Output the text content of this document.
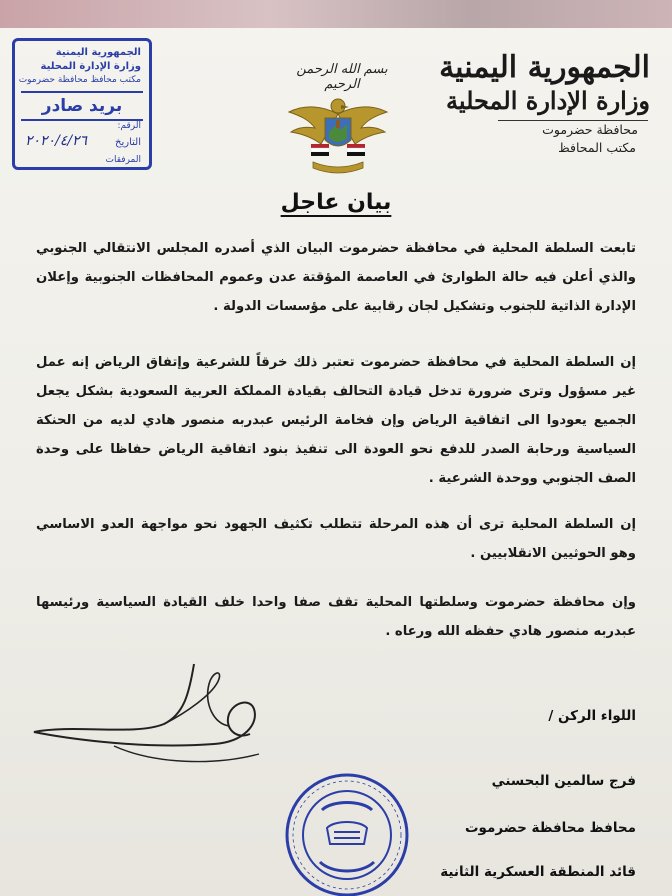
الجمهورية اليمنية
وزارة الإدارة المحلية
محافظة حضرموت
مكتب المحافظ
بسم الله الرحمن الرحيم
الجمهورية اليمنية
وزارة الإدارة المحلية
مكتب محافظ محافظة حضرموت
بريد صادر
الرقم:
التاريخ
٢٠٢٠/٤/٢٦
المرفقات
بيان عاجل
تابعت السلطة المحلية في محافظة حضرموت البيان الذي أصدره المجلس الانتقالي الجنوبي والذي أعلن فيه حالة الطوارئ في العاصمة المؤقتة عدن وعموم المحافظات الجنوبية وإعلان الإدارة الذاتية للجنوب وتشكيل لجان رقابية على مؤسسات الدولة .
إن السلطة المحلية في محافظة حضرموت تعتبر ذلك خرقاً للشرعية وإتفاق الرياض إنه عمل غير مسؤول وترى ضرورة تدخل قيادة التحالف بقيادة المملكة العربية السعودية بشكل يجعل الجميع يعودوا الى اتفاقية الرياض وإن فخامة الرئيس عبدربه منصور هادي لديه من الحنكة السياسية ورحابة الصدر للدفع نحو العودة الى تنفيذ بنود اتفاقية الرياض حفاظا على وحدة الصف الجنوبي ووحدة الشرعية .
إن السلطة المحلية ترى أن هذه المرحلة تتطلب تكثيف الجهود نحو مواجهة العدو الاساسي وهو الحوثيين الانقلابيين .
وإن محافظة حضرموت وسلطتها المحلية تقف صفا واحدا خلف القيادة السياسية ورئيسها عبدربه منصور هادي حفظه الله ورعاه .
اللواء الركن /
فرج سالمين البحسني
محافظ محافظة حضرموت
قائد المنطقة العسكرية الثانية
